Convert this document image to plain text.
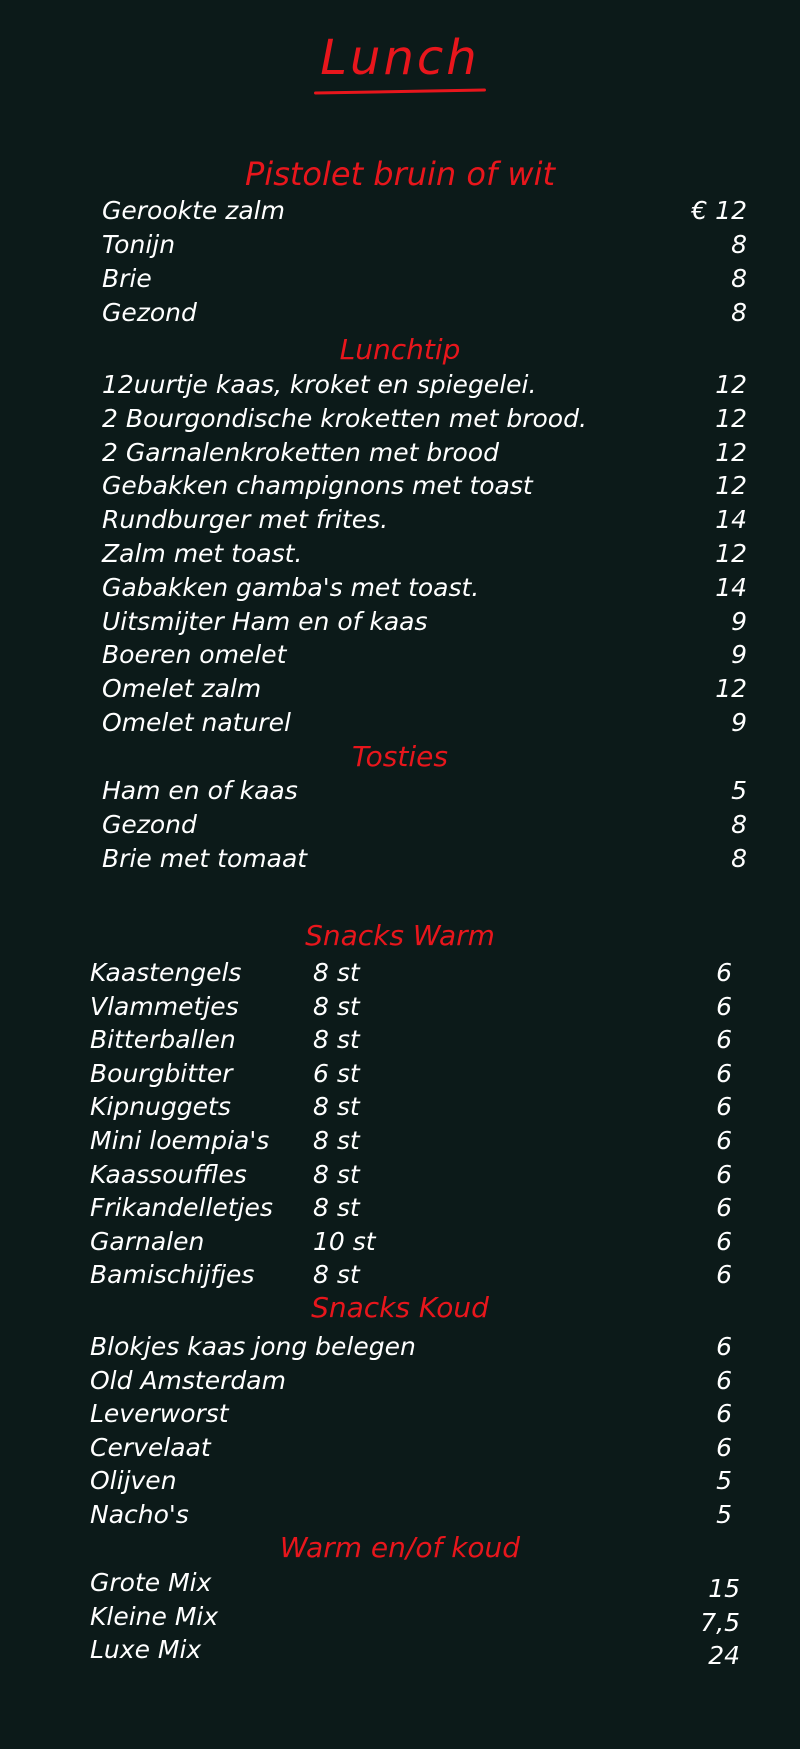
Lunch
Pistolet bruin of wit
Gerookte zalm	€ 12
Tonijn	8
Brie	8
Gezond	8
Lunchtip
12uurtje kaas, kroket en spiegelei.	12
2 Bourgondische kroketten met brood.	12
2 Garnalenkroketten met brood	12
Gebakken champignons met toast	12
Rundburger met frites.	14
Zalm met toast.	12
Gabakken gamba's met toast.	14
Uitsmijter Ham en of kaas	9
Boeren omelet	9
Omelet zalm	12
Omelet naturel	9
Tosties
Ham en of kaas	5
Gezond	8
Brie met tomaat	8
Snacks Warm
Kaastengels	8 st	6
Vlammetjes	8 st	6
Bitterballen	8 st	6
Bourgbitter	6 st	6
Kipnuggets	8 st	6
Mini loempia's 8 st	6
Kaassouffles	8 st	6
Frikandelletjes 8 st	6
Garnalen	10 st	6
Bamischijfjes 8 st	6
Snacks Koud
Blokjes kaas jong belegen	6
Old Amsterdam	6
Leverworst	6
Cervelaat	6
Olijven	5
Nacho's	5
Warm en/of koud
Grote Mix	15
Kleine Mix	7,5
Luxe Mix	24
